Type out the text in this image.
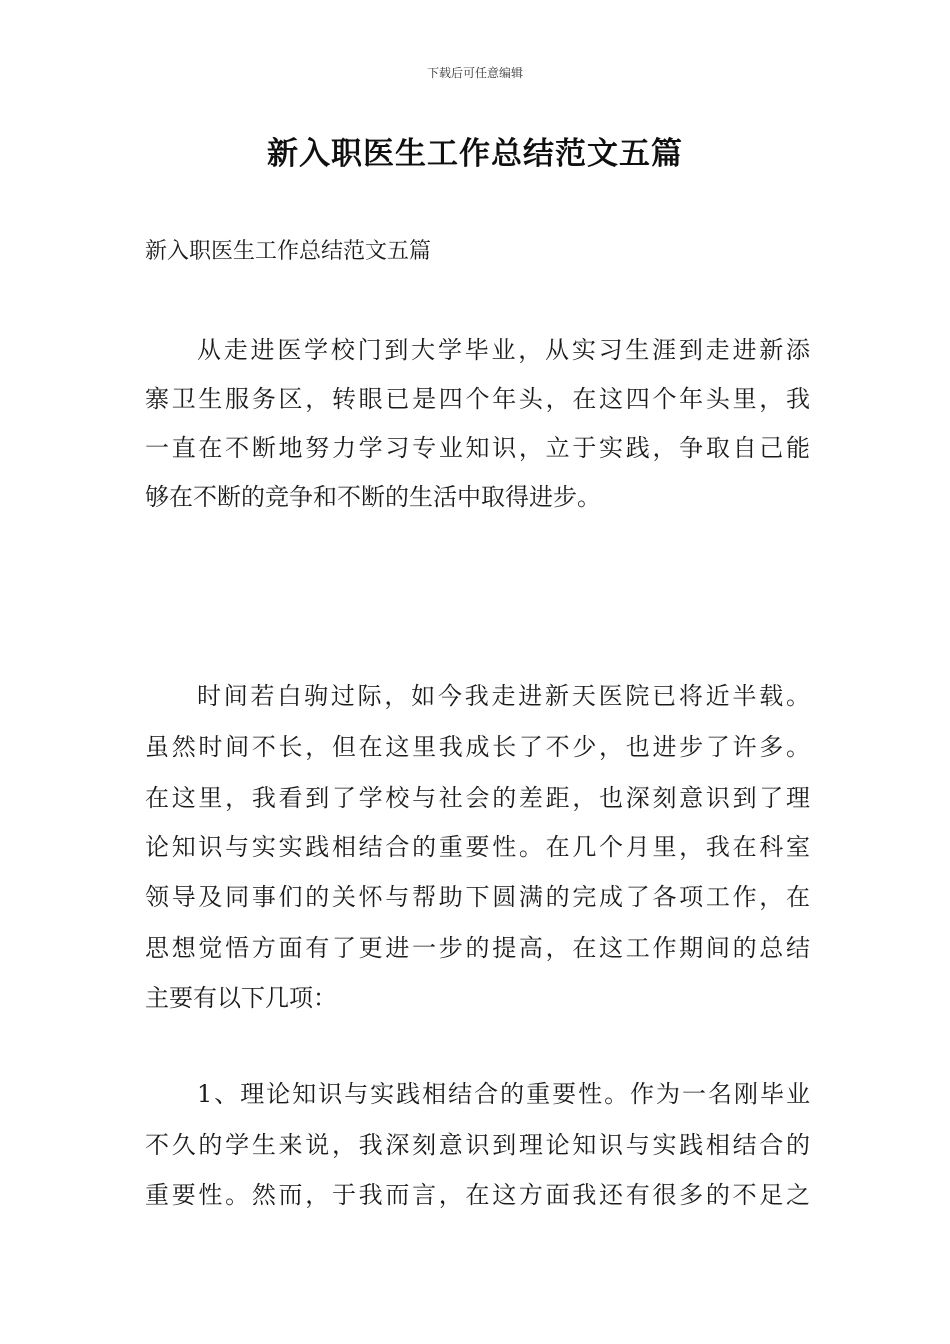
下载后可任意编辑
新入职医生工作总结范文五篇
新入职医生工作总结范文五篇
从走进医学校门到大学毕业，从实习生涯到走进新添
寨卫生服务区，转眼已是四个年头，在这四个年头里，我
一直在不断地努力学习专业知识，立于实践，争取自己能
够在不断的竞争和不断的生活中取得进步。
时间若白驹过际，如今我走进新天医院已将近半载。
虽然时间不长，但在这里我成长了不少，也进步了许多。
在这里，我看到了学校与社会的差距，也深刻意识到了理
论知识与实实践相结合的重要性。在几个月里，我在科室
领导及同事们的关怀与帮助下圆满的完成了各项工作，在
思想觉悟方面有了更进一步的提高，在这工作期间的总结
主要有以下几项：
1、理论知识与实践相结合的重要性。作为一名刚毕业
不久的学生来说，我深刻意识到理论知识与实践相结合的
重要性。然而，于我而言，在这方面我还有很多的不足之
